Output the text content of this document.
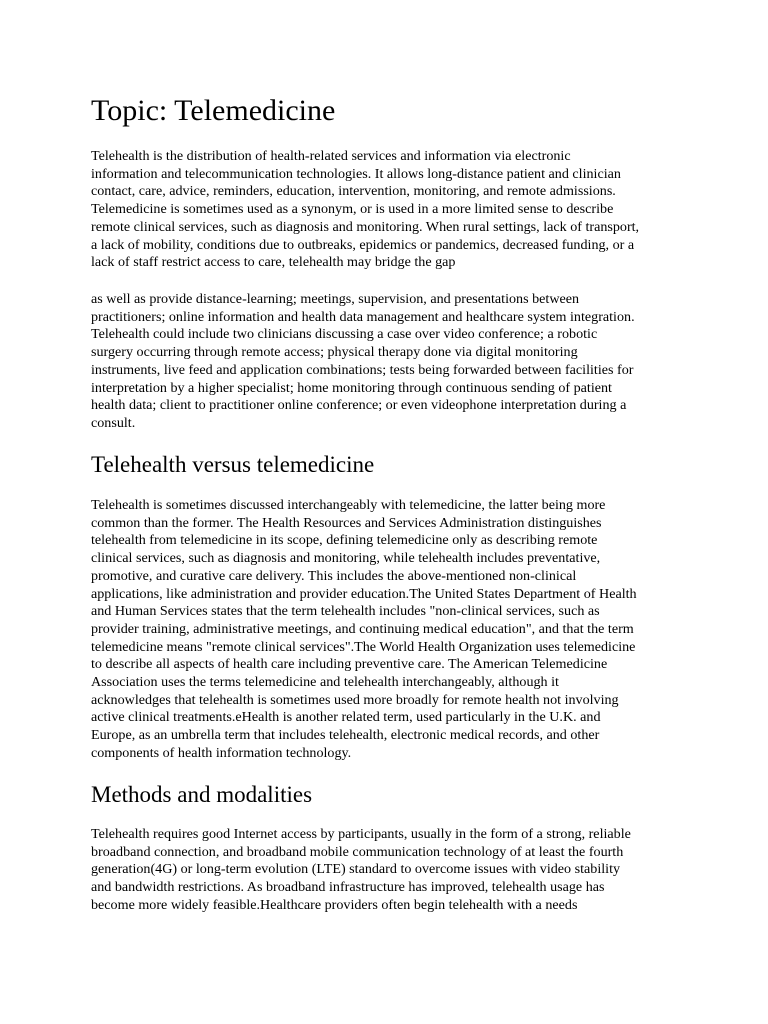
Topic: Telemedicine
Telehealth is the distribution of health-related services and information via electronic
information and telecommunication technologies. It allows long-distance patient and clinician
contact, care, advice, reminders, education, intervention, monitoring, and remote admissions.
Telemedicine is sometimes used as a synonym, or is used in a more limited sense to describe
remote clinical services, such as diagnosis and monitoring. When rural settings, lack of transport,
a lack of mobility, conditions due to outbreaks, epidemics or pandemics, decreased funding, or a
lack of staff restrict access to care, telehealth may bridge the gap
as well as provide distance-learning; meetings, supervision, and presentations between
practitioners; online information and health data management and healthcare system integration.
Telehealth could include two clinicians discussing a case over video conference; a robotic
surgery occurring through remote access; physical therapy done via digital monitoring
instruments, live feed and application combinations; tests being forwarded between facilities for
interpretation by a higher specialist; home monitoring through continuous sending of patient
health data; client to practitioner online conference; or even videophone interpretation during a
consult.
Telehealth versus telemedicine
Telehealth is sometimes discussed interchangeably with telemedicine, the latter being more
common than the former. The Health Resources and Services Administration distinguishes
telehealth from telemedicine in its scope, defining telemedicine only as describing remote
clinical services, such as diagnosis and monitoring, while telehealth includes preventative,
promotive, and curative care delivery. This includes the above-mentioned non-clinical
applications, like administration and provider education.The United States Department of Health
and Human Services states that the term telehealth includes "non-clinical services, such as
provider training, administrative meetings, and continuing medical education", and that the term
telemedicine means "remote clinical services".The World Health Organization uses telemedicine
to describe all aspects of health care including preventive care. The American Telemedicine
Association uses the terms telemedicine and telehealth interchangeably, although it
acknowledges that telehealth is sometimes used more broadly for remote health not involving
active clinical treatments.eHealth is another related term, used particularly in the U.K. and
Europe, as an umbrella term that includes telehealth, electronic medical records, and other
components of health information technology.
Methods and modalities
Telehealth requires good Internet access by participants, usually in the form of a strong, reliable
broadband connection, and broadband mobile communication technology of at least the fourth
generation(4G) or long-term evolution (LTE) standard to overcome issues with video stability
and bandwidth restrictions. As broadband infrastructure has improved, telehealth usage has
become more widely feasible.Healthcare providers often begin telehealth with a needs
